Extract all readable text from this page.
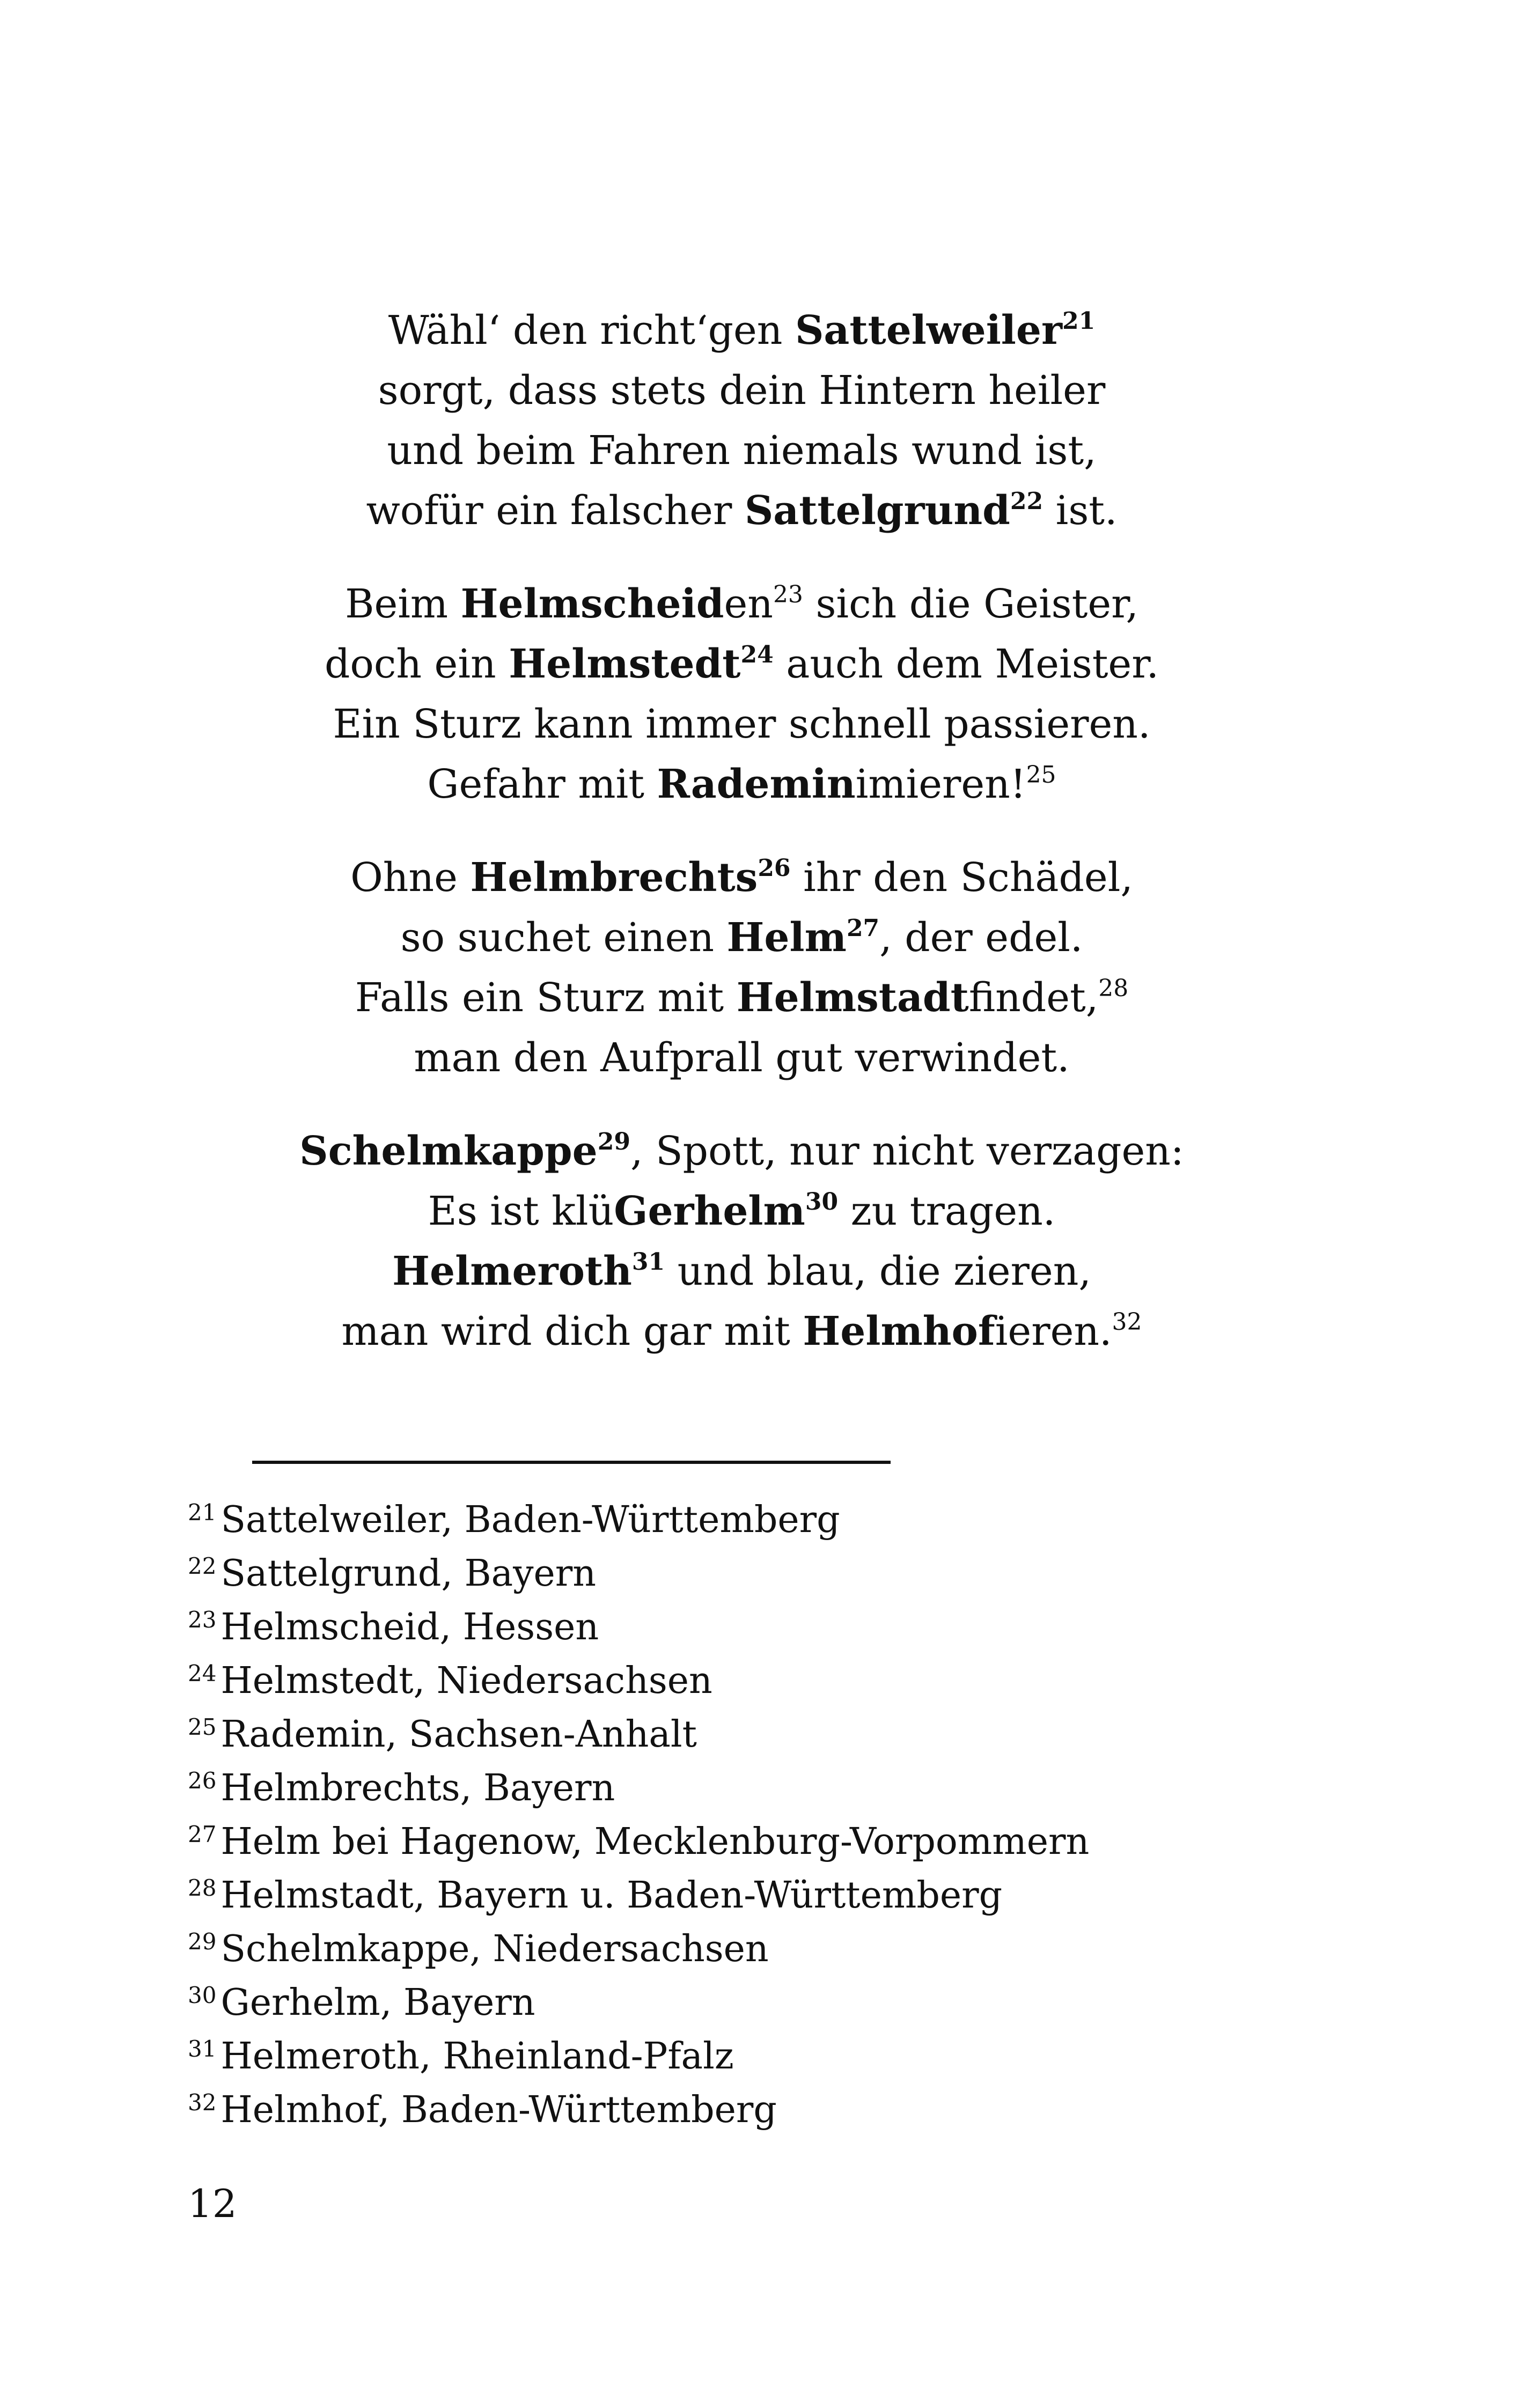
Wähl‘ den richt‘gen Sattelweiler$^{21}$
sorgt, dass stets dein Hintern heiler
und beim Fahren niemals wund ist,
wofür ein falscher Sattelgrund$^{22}$ ist.
Beim Helmscheiden$^{23}$ sich die Geister,
doch ein Helmstedt$^{24}$ auch dem Meister.
Ein Sturz kann immer schnell passieren.
Gefahr mit Rademinimieren!$^{25}$
Ohne Helmbrechts$^{26}$ ihr den Schädel,
so suchet einen Helm$^{27}$, der edel.
Falls ein Sturz mit Helmstadtfindet,$^{28}$
man den Aufprall gut verwindet.
Schelmkappe$^{29}$, Spott, nur nicht verzagen:
Es ist klüGerhelm$^{30}$ zu tragen.
Helmeroth$^{31}$ und blau, die zieren,
man wird dich gar mit Helmhofieren.$^{32}$
$^{21}$ Sattelweiler, Baden-Württemberg
$^{22}$ Sattelgrund, Bayern
$^{23}$ Helmscheid, Hessen
$^{24}$ Helmstedt, Niedersachsen
$^{25}$ Rademin, Sachsen-Anhalt
$^{26}$ Helmbrechts, Bayern
$^{27}$ Helm bei Hagenow, Mecklenburg-Vorpommern
$^{28}$ Helmstadt, Bayern u. Baden-Württemberg
$^{29}$ Schelmkappe, Niedersachsen
$^{30}$ Gerhelm, Bayern
$^{31}$ Helmeroth, Rheinland-Pfalz
$^{32}$ Helmhof, Baden-Württemberg
12
